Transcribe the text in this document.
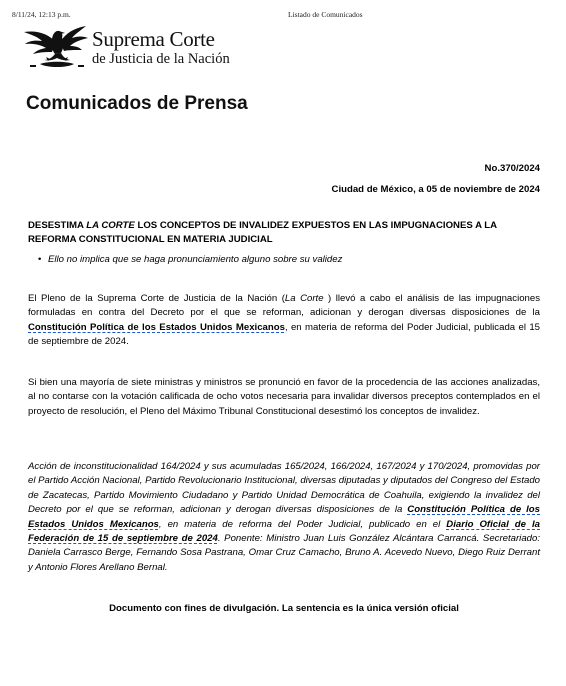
8/11/24, 12:13 p.m.	Listado de Comunicados
Suprema Corte
de Justicia de la Nación
Comunicados de Prensa
No.370/2024
Ciudad de México, a 05 de noviembre de 2024
DESESTIMA LA CORTE LOS CONCEPTOS DE INVALIDEZ EXPUESTOS EN LAS IMPUGNACIONES A LA REFORMA CONSTITUCIONAL EN MATERIA JUDICIAL
• Ello no implica que se haga pronunciamiento alguno sobre su validez
El Pleno de la Suprema Corte de Justicia de la Nación (La Corte ) llevó a cabo el análisis de las impugnaciones formuladas en contra del Decreto por el que se reforman, adicionan y derogan diversas disposiciones de la Constitución Política de los Estados Unidos Mexicanos, en materia de reforma del Poder Judicial, publicada el 15 de septiembre de 2024.
Si bien una mayoría de siete ministras y ministros se pronunció en favor de la procedencia de las acciones analizadas, al no contarse con la votación calificada de ocho votos necesaria para invalidar diversos preceptos contemplados en el proyecto de resolución, el Pleno del Máximo Tribunal Constitucional desestimó los conceptos de invalidez.
Acción de inconstitucionalidad 164/2024 y sus acumuladas 165/2024, 166/2024, 167/2024 y 170/2024, promovidas por el Partido Acción Nacional, Partido Revolucionario Institucional, diversas diputadas y diputados del Congreso del Estado de Zacatecas, Partido Movimiento Ciudadano y Partido Unidad Democrática de Coahuila, exigiendo la invalidez del Decreto por el que se reforman, adicionan y derogan diversas disposiciones de la Constitución Política de los Estados Unidos Mexicanos, en materia de reforma del Poder Judicial, publicado en el Diario Oficial de la Federación de 15 de septiembre de 2024. Ponente: Ministro Juan Luis González Alcántara Carrancá. Secretariado: Daniela Carrasco Berge, Fernando Sosa Pastrana, Omar Cruz Camacho, Bruno A. Acevedo Nuevo, Diego Ruiz Derrant y Antonio Flores Arellano Bernal.
Documento con fines de divulgación. La sentencia es la única versión oficial
